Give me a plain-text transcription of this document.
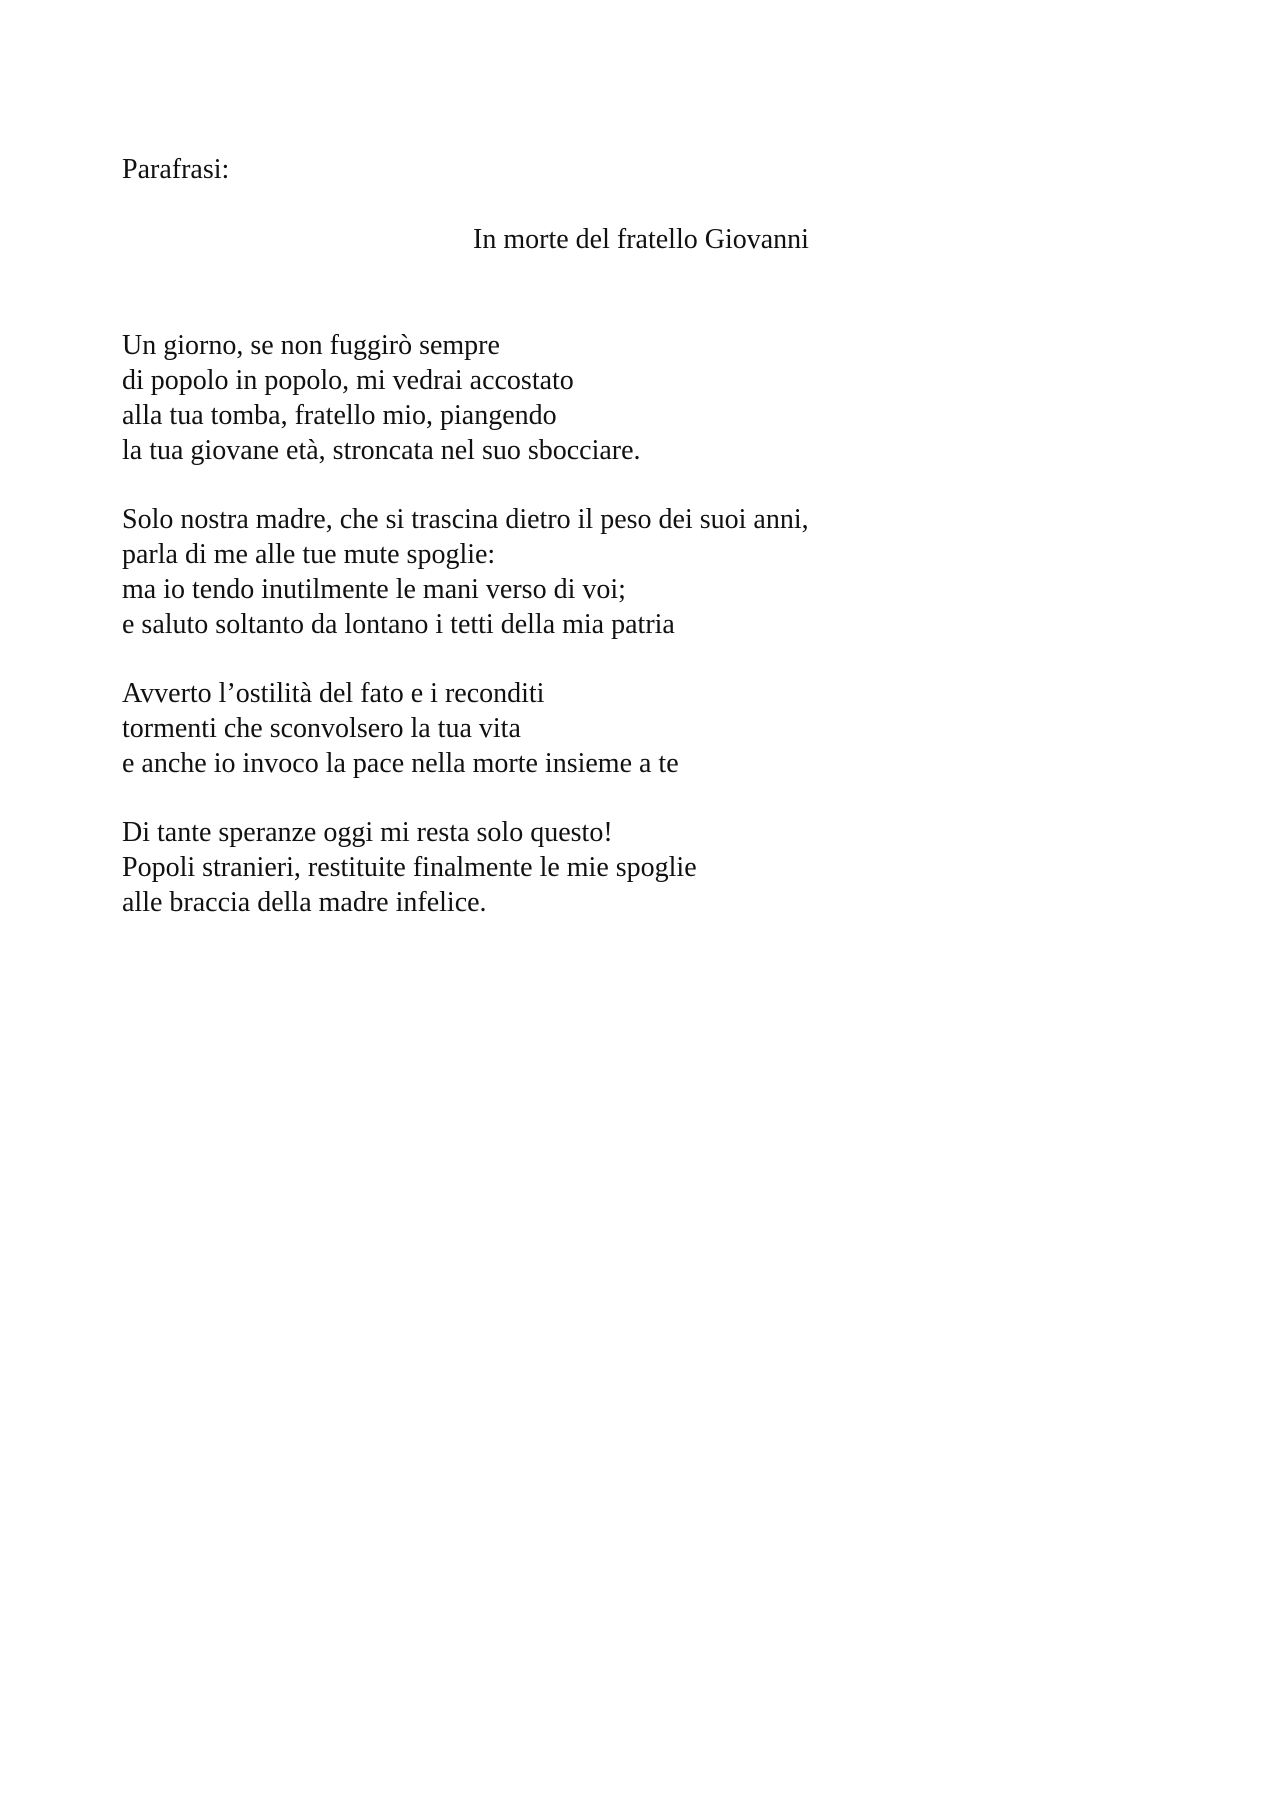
Parafrasi:

In morte del fratello Giovanni
Un giorno, se non fuggirò sempre
di popolo in popolo, mi vedrai accostato
alla tua tomba, fratello mio, piangendo
la tua giovane età, stroncata nel suo sbocciare.
Solo nostra madre, che si trascina dietro il peso dei suoi anni,
parla di me alle tue mute spoglie:
ma io tendo inutilmente le mani verso di voi;
e saluto soltanto da lontano i tetti della mia patria
Avverto l’ostilità del fato e i reconditi
tormenti che sconvolsero la tua vita
e anche io invoco la pace nella morte insieme a te
Di tante speranze oggi mi resta solo questo!
Popoli stranieri, restituite finalmente le mie spoglie
alle braccia della madre infelice.
